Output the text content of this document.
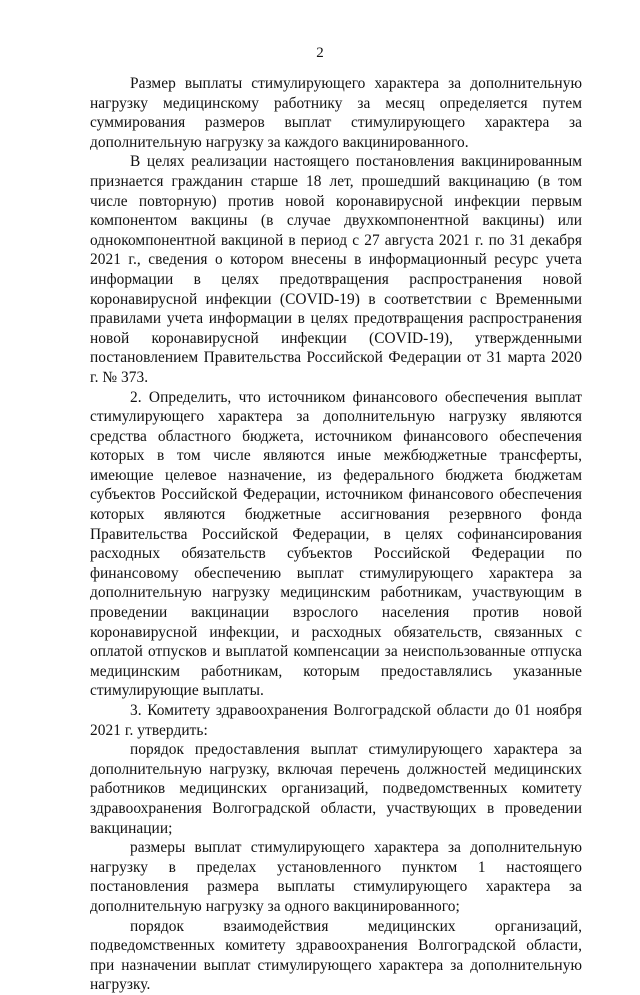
2

Размер выплаты стимулирующего характера за дополнительную нагрузку медицинскому работнику за месяц определяется путем суммирования размеров выплат стимулирующего характера за дополнительную нагрузку за каждого вакцинированного.

В целях реализации настоящего постановления вакцинированным признается гражданин старше 18 лет, прошедший вакцинацию (в том числе повторную) против новой коронавирусной инфекции первым компонентом вакцины (в случае двухкомпонентной вакцины) или однокомпонентной вакциной в период с 27 августа 2021 г. по 31 декабря 2021 г., сведения о котором внесены в информационный ресурс учета информации в целях предотвращения распространения новой коронавирусной инфекции (COVID-19) в соответствии с Временными правилами учета информации в целях предотвращения распространения новой коронавирусной инфекции (COVID-19), утвержденными постановлением Правительства Российской Федерации от 31 марта 2020 г. № 373.

2. Определить, что источником финансового обеспечения выплат стимулирующего характера за дополнительную нагрузку являются средства областного бюджета, источником финансового обеспечения которых в том числе являются иные межбюджетные трансферты, имеющие целевое назначение, из федерального бюджета бюджетам субъектов Российской Федерации, источником финансового обеспечения которых являются бюджетные ассигнования резервного фонда Правительства Российской Федерации, в целях софинансирования расходных обязательств субъектов Российской Федерации по финансовому обеспечению выплат стимулирующего характера за дополнительную нагрузку медицинским работникам, участвующим в проведении вакцинации взрослого населения против новой коронавирусной инфекции, и расходных обязательств, связанных с оплатой отпусков и выплатой компенсации за неиспользованные отпуска медицинским работникам, которым предоставлялись указанные стимулирующие выплаты.

3. Комитету здравоохранения Волгоградской области до 01 ноября 2021 г. утвердить:

порядок предоставления выплат стимулирующего характера за дополнительную нагрузку, включая перечень должностей медицинских работников медицинских организаций, подведомственных комитету здравоохранения Волгоградской области, участвующих в проведении вакцинации;

размеры выплат стимулирующего характера за дополнительную нагрузку в пределах установленного пунктом 1 настоящего постановления размера выплаты стимулирующего характера за дополнительную нагрузку за одного вакцинированного;

порядок взаимодействия медицинских организаций, подведомственных комитету здравоохранения Волгоградской области, при назначении выплат стимулирующего характера за дополнительную нагрузку.
